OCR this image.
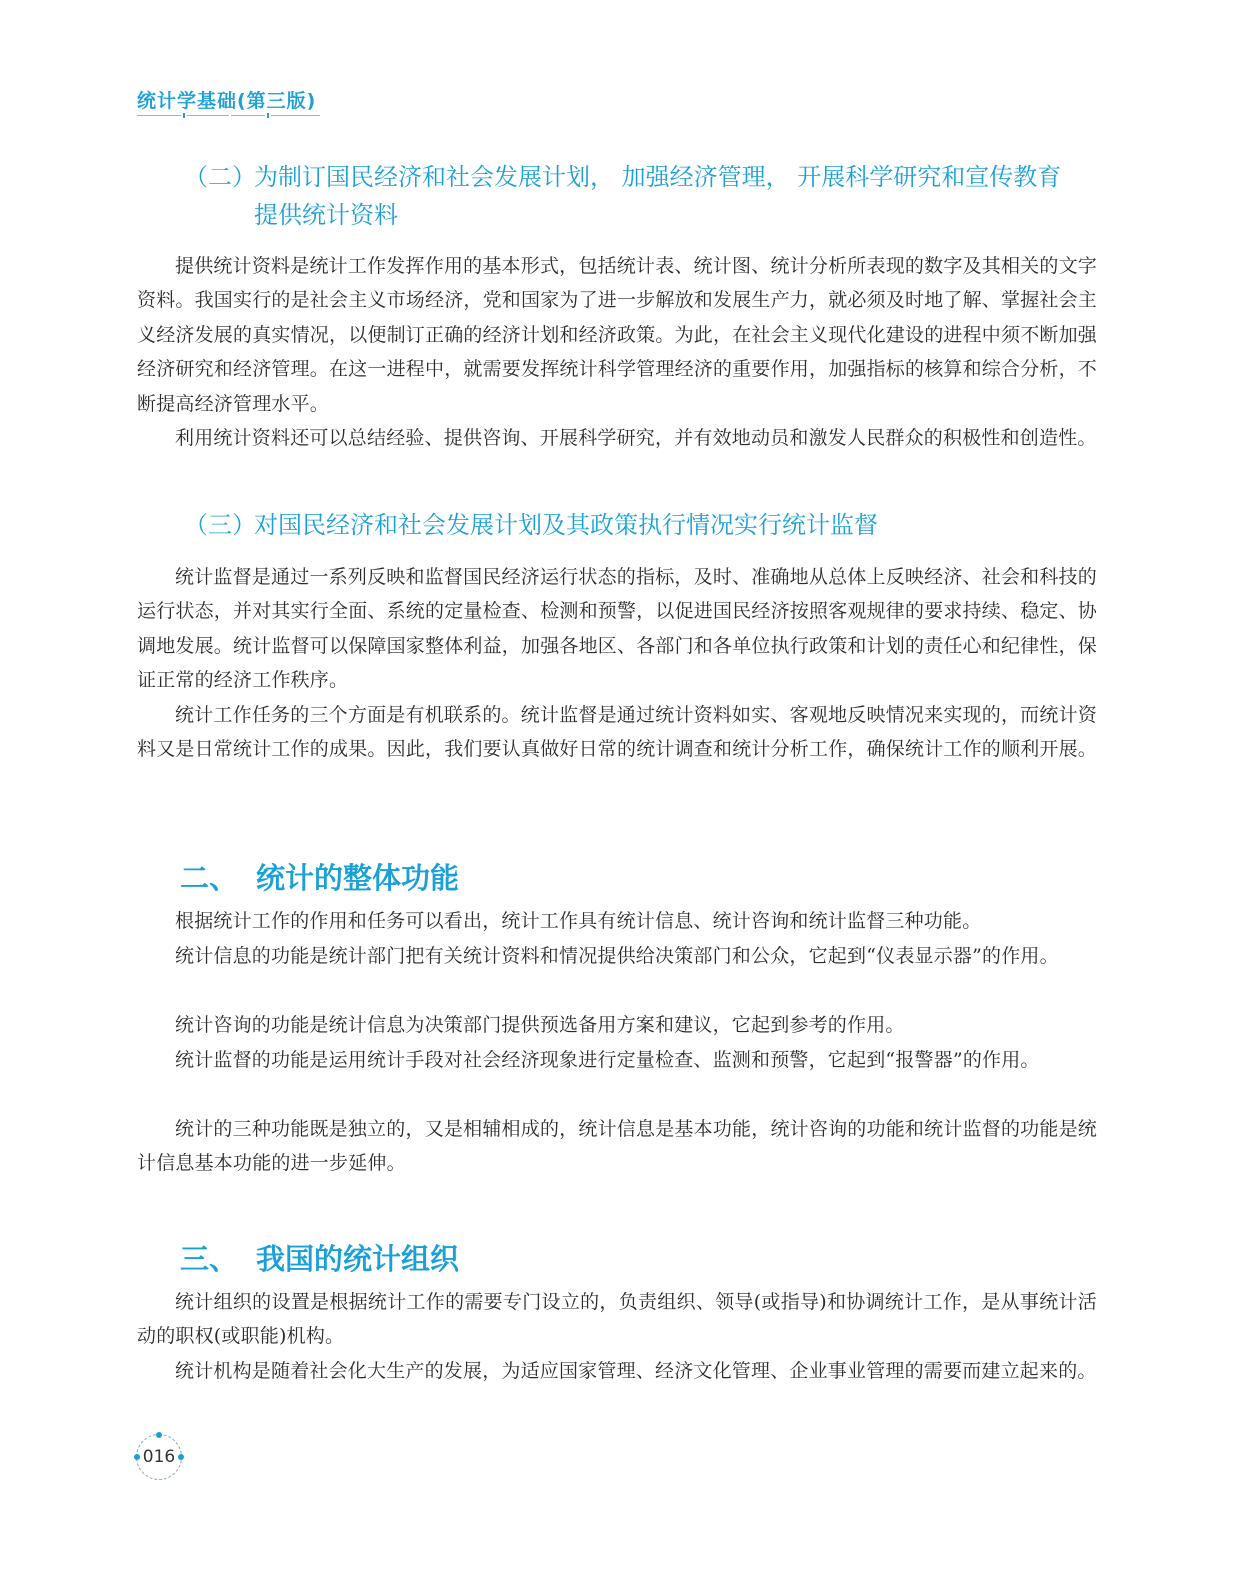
统计学基础(第三版)
（二）为制订国民经济和社会发展计划， 加强经济管理， 开展科学研究和宣传教育
提供统计资料

提供统计资料是统计工作发挥作用的基本形式，包括统计表、统计图、统计分析所表现的数字及其相关的文字资料。我国实行的是社会主义市场经济，党和国家为了进一步解放和发展生产力，就必须及时地了解、掌握社会主义经济发展的真实情况，以便制订正确的经济计划和经济政策。为此，在社会主义现代化建设的进程中须不断加强经济研究和经济管理。在这一进程中，就需要发挥统计科学管理经济的重要作用，加强指标的核算和综合分析，不断提高经济管理水平。

利用统计资料还可以总结经验、提供咨询、开展科学研究，并有效地动员和激发人民群众的积极性和创造性。

（三）对国民经济和社会发展计划及其政策执行情况实行统计监督

统计监督是通过一系列反映和监督国民经济运行状态的指标，及时、准确地从总体上反映经济、社会和科技的运行状态，并对其实行全面、系统的定量检查、检测和预警，以促进国民经济按照客观规律的要求持续、稳定、协调地发展。统计监督可以保障国家整体利益，加强各地区、各部门和各单位执行政策和计划的责任心和纪律性，保证正常的经济工作秩序。

统计工作任务的三个方面是有机联系的。统计监督是通过统计资料如实、客观地反映情况来实现的，而统计资料又是日常统计工作的成果。因此，我们要认真做好日常的统计调查和统计分析工作，确保统计工作的顺利开展。

二、 统计的整体功能

根据统计工作的作用和任务可以看出，统计工作具有统计信息、统计咨询和统计监督三种功能。

统计信息的功能是统计部门把有关统计资料和情况提供给决策部门和公众，它起到“仪表显示器”的作用。

统计咨询的功能是统计信息为决策部门提供预选备用方案和建议，它起到参考的作用。

统计监督的功能是运用统计手段对社会经济现象进行定量检查、监测和预警，它起到“报警器”的作用。

统计的三种功能既是独立的，又是相辅相成的，统计信息是基本功能，统计咨询的功能和统计监督的功能是统计信息基本功能的进一步延伸。

三、 我国的统计组织

统计组织的设置是根据统计工作的需要专门设立的，负责组织、领导(或指导)和协调统计工作，是从事统计活动的职权(或职能)机构。

统计机构是随着社会化大生产的发展，为适应国家管理、经济文化管理、企业事业管理的需要而建立起来的。

016
